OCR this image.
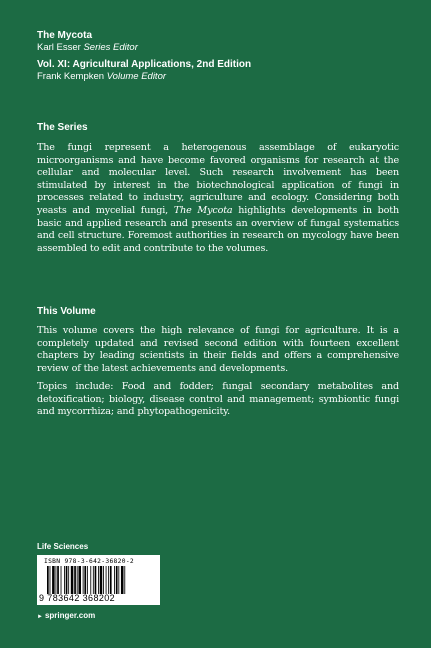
The Mycota
Karl Esser Series Editor
Vol. XI: Agricultural Applications, 2nd Edition
Frank Kempken Volume Editor
The Series

The fungi represent a heterogenous assemblage of eukaryotic microorganisms and have become favored organisms for research at the cellular and molecular level. Such research involvement has been stimulated by interest in the biotechnological application of fungi in processes related to industry, agriculture and ecology. Considering both yeasts and mycelial fungi, The Mycota highlights developments in both basic and applied research and presents an overview of fungal systematics and cell structure. Foremost authorities in research on mycology have been assembled to edit and contribute to the volumes.

This Volume

This volume covers the high relevance of fungi for agriculture. It is a completely updated and revised second edition with fourteen excellent chapters by leading scientists in their fields and offers a comprehensive review of the latest achievements and developments.

Topics include: Food and fodder; fungal secondary metabolites and detoxification; biology, disease control and management; symbiontic fungi and mycorrhiza; and phytopathogenicity.

Life Sciences
ISBN 978-3-642-36820-2
9 783642 368202
► springer.com
